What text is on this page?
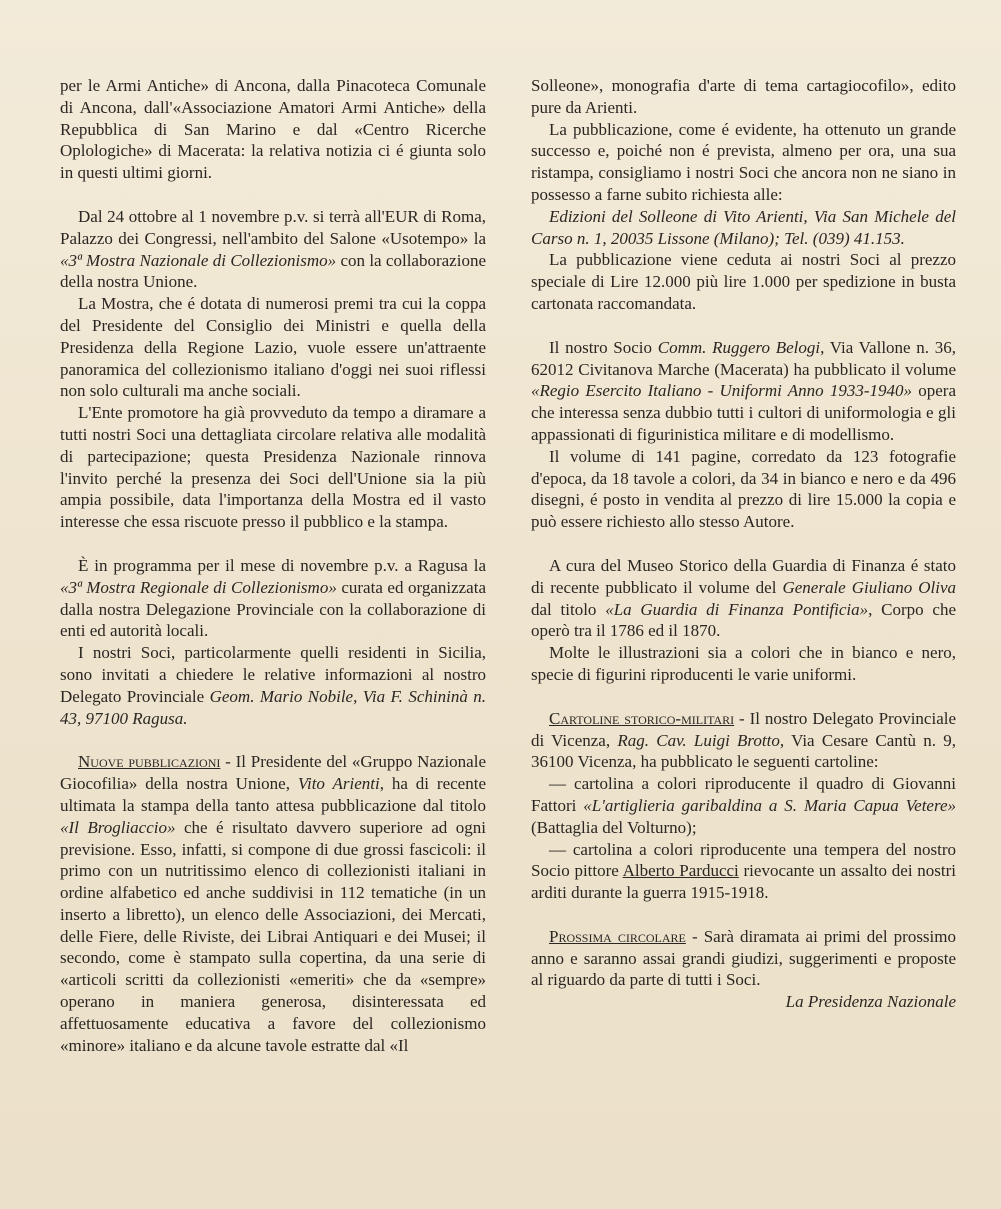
per le Armi Antiche» di Ancona, dalla Pinacoteca Comunale di Ancona, dall'«Associazione Amatori Armi Antiche» della Repubblica di San Marino e dal «Centro Ricerche Oplologiche» di Macerata: la relativa notizia ci é giunta solo in questi ultimi giorni.

Dal 24 ottobre al 1 novembre p.v. si terrà all'EUR di Roma, Palazzo dei Congressi, nell'ambito del Salone «Usotempo» la «3ª Mostra Nazionale di Collezionismo» con la collaborazione della nostra Unione.

La Mostra, che é dotata di numerosi premi tra cui la coppa del Presidente del Consiglio dei Ministri e quella della Presidenza della Regione Lazio, vuole essere un'attraente panoramica del collezionismo italiano d'oggi nei suoi riflessi non solo culturali ma anche sociali.

L'Ente promotore ha già provveduto da tempo a diramare a tutti nostri Soci una dettagliata circolare relativa alle modalità di partecipazione; questa Presidenza Nazionale rinnova l'invito perché la presenza dei Soci dell'Unione sia la più ampia possibile, data l'importanza della Mostra ed il vasto interesse che essa riscuote presso il pubblico e la stampa.

È in programma per il mese di novembre p.v. a Ragusa la «3ª Mostra Regionale di Collezionismo» curata ed organizzata dalla nostra Delegazione Provinciale con la collaborazione di enti ed autorità locali.

I nostri Soci, particolarmente quelli residenti in Sicilia, sono invitati a chiedere le relative informazioni al nostro Delegato Provinciale Geom. Mario Nobile, Via F. Schininà n. 43, 97100 Ragusa.

Nuove pubblicazioni - Il Presidente del «Gruppo Nazionale Giocofilia» della nostra Unione, Vito Arienti, ha di recente ultimata la stampa della tanto attesa pubblicazione dal titolo «Il Brogliaccio» che é risultato davvero superiore ad ogni previsione. Esso, infatti, si compone di due grossi fascicoli: il primo con un nutritissimo elenco di collezionisti italiani in ordine alfabetico ed anche suddivisi in 112 tematiche (in un inserto a libretto), un elenco delle Associazioni, dei Mercati, delle Fiere, delle Riviste, dei Librai Antiquari e dei Musei; il secondo, come è stampato sulla copertina, da una serie di «articoli scritti da collezionisti «emeriti» che da «sempre» operano in maniera generosa, disinteressata ed affettuosamente educativa a favore del collezionismo «minore» italiano e da alcune tavole estratte dal «Il

Solleone», monografia d'arte di tema cartagiocofilo», edito pure da Arienti.

La pubblicazione, come é evidente, ha ottenuto un grande successo e, poiché non é prevista, almeno per ora, una sua ristampa, consigliamo i nostri Soci che ancora non ne siano in possesso a farne subito richiesta alle:

Edizioni del Solleone di Vito Arienti, Via San Michele del Carso n. 1, 20035 Lissone (Milano); Tel. (039) 41.153.

La pubblicazione viene ceduta ai nostri Soci al prezzo speciale di Lire 12.000 più lire 1.000 per spedizione in busta cartonata raccomandata.

Il nostro Socio Comm. Ruggero Belogi, Via Vallone n. 36, 62012 Civitanova Marche (Macerata) ha pubblicato il volume «Regio Esercito Italiano - Uniformi Anno 1933-1940» opera che interessa senza dubbio tutti i cultori di uniformologia e gli appassionati di figurinistica militare e di modellismo.

Il volume di 141 pagine, corredato da 123 fotografie d'epoca, da 18 tavole a colori, da 34 in bianco e nero e da 496 disegni, é posto in vendita al prezzo di lire 15.000 la copia e può essere richiesto allo stesso Autore.

A cura del Museo Storico della Guardia di Finanza é stato di recente pubblicato il volume del Generale Giuliano Oliva dal titolo «La Guardia di Finanza Pontificia», Corpo che operò tra il 1786 ed il 1870.

Molte le illustrazioni sia a colori che in bianco e nero, specie di figurini riproducenti le varie uniformi.

Cartoline storico-militari - Il nostro Delegato Provinciale di Vicenza, Rag. Cav. Luigi Brotto, Via Cesare Cantù n. 9, 36100 Vicenza, ha pubblicato le seguenti cartoline:

— cartolina a colori riproducente il quadro di Giovanni Fattori «L'artiglieria garibaldina a S. Maria Capua Vetere» (Battaglia del Volturno);

— cartolina a colori riproducente una tempera del nostro Socio pittore Alberto Parducci rievocante un assalto dei nostri arditi durante la guerra 1915-1918.

Prossima circolare - Sarà diramata ai primi del prossimo anno e saranno assai grandi giudizi, suggerimenti e proposte al riguardo da parte di tutti i Soci.

La Presidenza Nazionale
